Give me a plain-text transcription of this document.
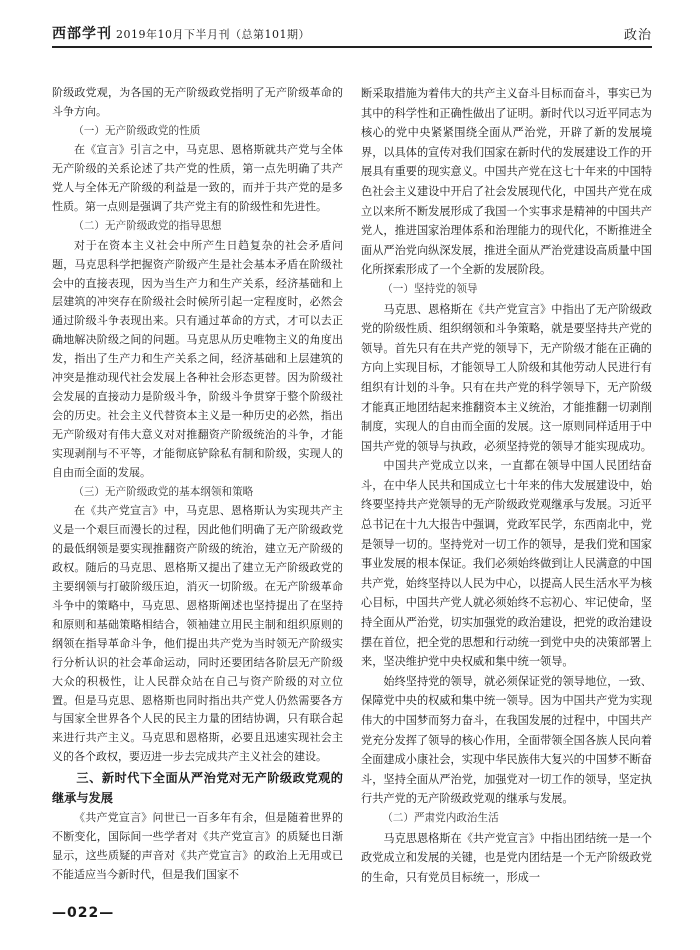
西部学刊 2019年10月下半月刊（总第101期）	政治

阶级政党观，为各国的无产阶级政党指明了无产阶级革命的斗争方向。

（一）无产阶级政党的性质

在《宣言》引言之中，马克思、恩格斯就共产党与全体无产阶级的关系论述了共产党的性质，第一点先明确了共产党人与全体无产阶级的利益是一致的，而并于共产党的是多性质。第一点则是强调了共产党主有的阶级性和先进性。

（二）无产阶级政党的指导思想

对于在资本主义社会中所产生日趋复杂的社会矛盾问题，马克思科学把握资产阶级产生是社会基本矛盾在阶级社会中的直接表现，因为当生产力和生产关系，经济基础和上层建筑的冲突存在阶级社会时候所引起一定程度时，必然会通过阶级斗争表现出来。只有通过革命的方式，才可以去正确地解决阶级之间的问题。马克思从历史唯物主义的角度出发，指出了生产力和生产关系之间，经济基础和上层建筑的冲突是推动现代社会发展上各种社会形态更替。因为阶级社会发展的直接动力是阶级斗争，阶级斗争贯穿于整个阶级社会的历史。社会主义代替资本主义是一种历史的必然，指出无产阶级对有伟大意义对对推翻资产阶级统治的斗争，才能实现剥削与不平等，才能彻底铲除私有制和阶级，实现人的自由而全面的发展。

（三）无产阶级政党的基本纲领和策略

在《共产党宣言》中，马克思、恩格斯认为实现共产主义是一个艰巨而漫长的过程，因此他们明确了无产阶级政党的最低纲领是要实现推翻资产阶级的统治，建立无产阶级的政权。随后的马克思、恩格斯又提出了建立无产阶级政党的主要纲领与打破阶级压迫，消灭一切阶级。在无产阶级革命斗争中的策略中，马克思、恩格斯阐述也坚持提出了在坚持和原则和基础策略相结合，领袖建立用民主制和组织原则的纲领在指导革命斗争，他们提出共产党为当时领无产阶级实行分析认识的社会革命运动，同时还要团结各阶层无产阶级大众的积极性，让人民群众站在自己与资产阶级的对立位置。但是马克思、恩格斯也同时指出共产党人仍然需要各方与国家全世界各个人民的民主力量的团结协调，只有联合起来进行共产主义。马克思和恩格斯，必要且迅速实现社会主义的各个政权，要迈进一步去完成共产主义社会的建设。

三、新时代下全面从严治党对无产阶级政党观的继承与发展

《共产党宣言》问世已一百多年有余，但是随着世界的不断变化，国际间一些学者对《共产党宣言》的质疑也日渐显示，这些质疑的声音对《共产党宣言》的政治上无用或已不能适应当今新时代，但是我们国家不

断采取措施为着伟大的共产主义奋斗目标而奋斗，事实已为其中的科学性和正确性做出了证明。新时代以习近平同志为核心的党中央紧紧围绕全面从严治党，开辟了新的发展境界，以具体的宣传对我们国家在新时代的发展建设工作的开展具有重要的现实意义。中国共产党在这七十年来的中国特色社会主义建设中开启了社会发展现代化，中国共产党在成立以来所不断发展形成了我国一个实事求是精神的中国共产党人，推进国家治理体系和治理能力的现代化，不断推进全面从严治党向纵深发展，推进全面从严治党建设高质量中国化所探索形成了一个全新的发展阶段。

（一）坚持党的领导

马克思、恩格斯在《共产党宣言》中指出了无产阶级政党的阶级性质、组织纲领和斗争策略，就是要坚持共产党的领导。首先只有在共产党的领导下，无产阶级才能在正确的方向上实现目标，才能领导工人阶级和其他劳动人民进行有组织有计划的斗争。只有在共产党的科学领导下，无产阶级才能真正地团结起来推翻资本主义统治，才能推翻一切剥削制度，实现人的自由而全面的发展。这一原则同样适用于中国共产党的领导与执政，必须坚持党的领导才能实现成功。

中国共产党成立以来，一直都在领导中国人民团结奋斗，在中华人民共和国成立七十年来的伟大发展建设中，始终要坚持共产党领导的无产阶级政党观继承与发展。习近平总书记在十九大报告中强调，党政军民学，东西南北中，党是领导一切的。坚持党对一切工作的领导，是我们党和国家事业发展的根本保证。我们必须始终做到让人民满意的中国共产党，始终坚持以人民为中心，以提高人民生活水平为核心目标，中国共产党人就必须始终不忘初心、牢记使命，坚持全面从严治党，切实加强党的政治建设，把党的政治建设摆在首位，把全党的思想和行动统一到党中央的决策部署上来，坚决维护党中央权威和集中统一领导。

始终坚持党的领导，就必须保证党的领导地位，一致、保障党中央的权威和集中统一领导。因为中国共产党为实现伟大的中国梦而努力奋斗，在我国发展的过程中，中国共产党充分发挥了领导的核心作用，全面带领全国各族人民向着全面建成小康社会，实现中华民族伟大复兴的中国梦不断奋斗，坚持全面从严治党，加强党对一切工作的领导，坚定执行共产党的无产阶级政党观的继承与发展。

（二）严肃党内政治生活

马克思恩格斯在《共产党宣言》中指出团结统一是一个政党成立和发展的关键，也是党内团结是一个无产阶级政党的生命，只有党员目标统一，形成一

—022—
